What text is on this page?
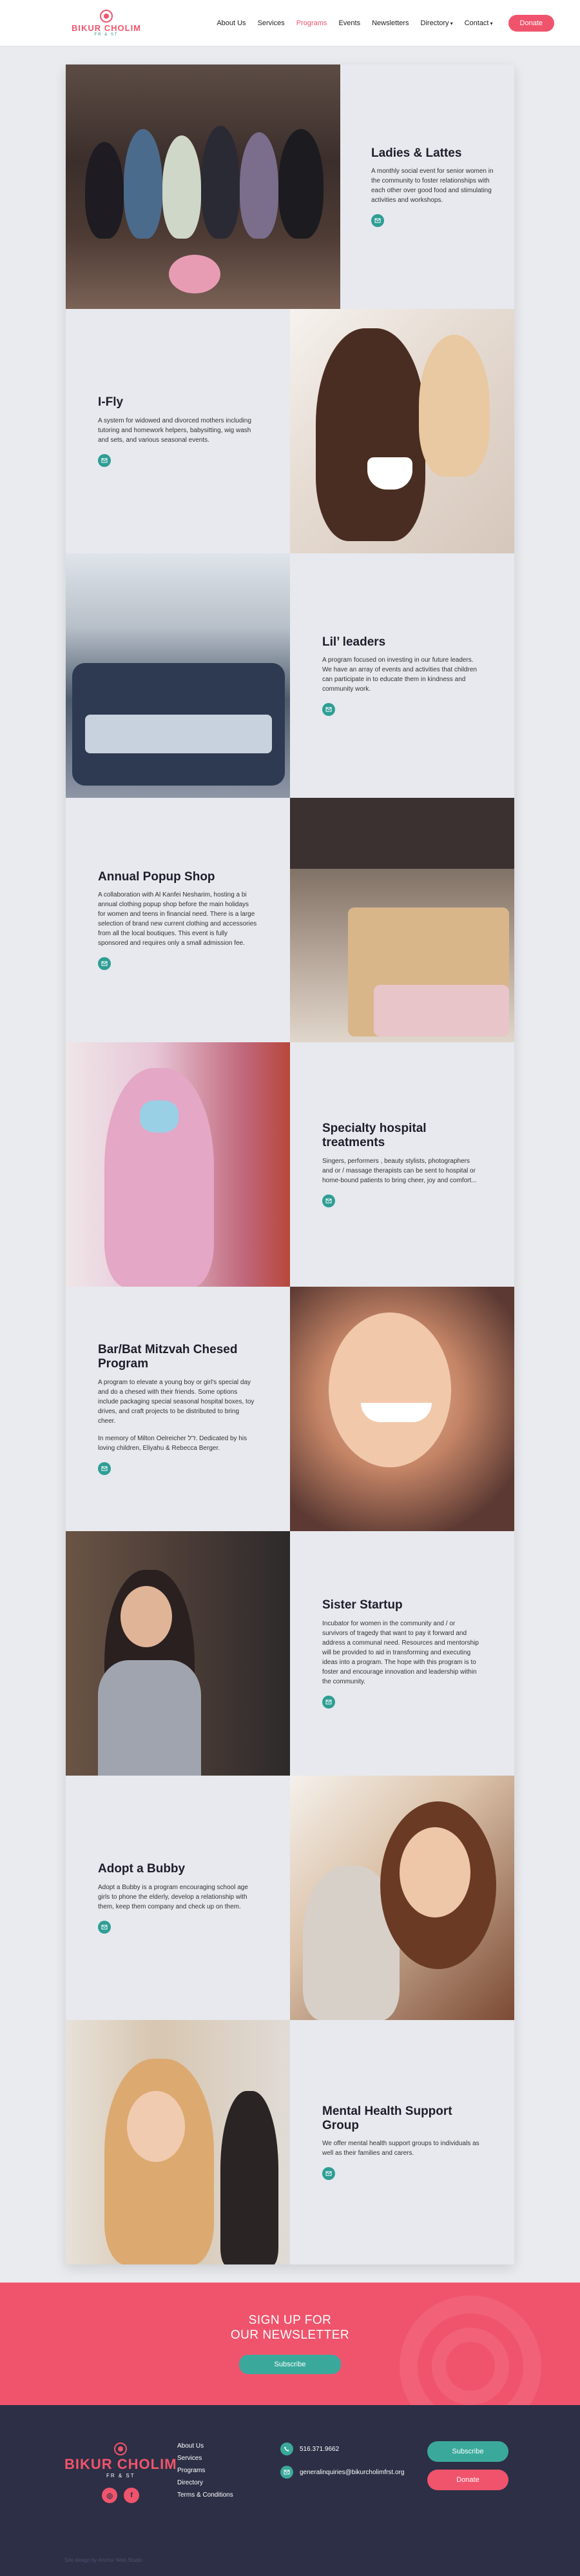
BIKUR CHOLIM
FR & ST
About Us Services Programs Events Newsletters Directory ▾ Contact ▾	Donate
Ladies & Lattes

A monthly social event for senior women in the community to foster relationships with each other over good food and stimulating activities and workshops.

I-Fly

A system for widowed and divorced mothers including tutoring and homework helpers, babysitting, wig wash and sets, and various seasonal events.

Lil’ leaders

A program focused on investing in our future leaders. We have an array of events and activities that children can participate in to educate them in kindness and community work.

Annual Popup Shop

A collaboration with Al Kanfei Nesharim, hosting a bi annual clothing popup shop before the main holidays for women and teens in financial need. There is a large selection of brand new current clothing and accessories from all the local boutiques. This event is fully sponsored and requires only a small admission fee.

Specialty hospital treatments

Singers, performers , beauty stylists, photographers and or / massage therapists can be sent to hospital or home-bound patients to bring cheer, joy and comfort...

Bar/Bat Mitzvah Chesed Program

A program to elevate a young boy or girl's special day and do a chesed with their friends. Some options include packaging special seasonal hospital boxes, toy drives, and craft projects to be distributed to bring cheer.

In memory of Milton Oelreicher ז"ל. Dedicated by his loving children, Eliyahu & Rebecca Berger.

Sister Startup

Incubator for women in the community and / or survivors of tragedy that want to pay it forward and address a communal need. Resources and mentorship will be provided to aid in transforming and executing ideas into a program. The hope with this program is to foster and encourage innovation and leadership within the community.

Adopt a Bubby

Adopt a Bubby is a program encouraging school age girls to phone the elderly, develop a relationship with them, keep them company and check up on them.

Mental Health Support Group

We offer mental health support groups to individuals as well as their families and carers.

SIGN UP FOR
OUR NEWSLETTER
Subscribe
BIKUR CHOLIM
FR & ST
◎	f
About Us
Services
Programs
Directory
Terms & Conditions
516.371.9662
generalinquiries@bikurcholimfrst.org
Subscribe
Donate
Site design by Anchor Web Studio
